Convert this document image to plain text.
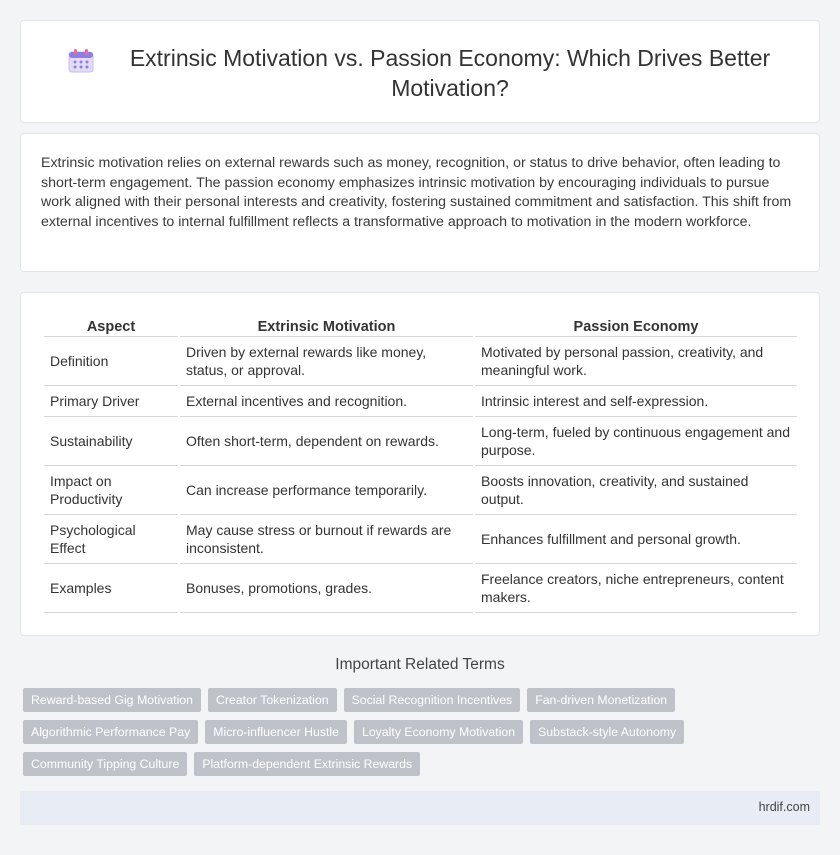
Extrinsic Motivation vs. Passion Economy: Which Drives Better Motivation?

Extrinsic motivation relies on external rewards such as money, recognition, or status to drive behavior, often leading to short-term engagement. The passion economy emphasizes intrinsic motivation by encouraging individuals to pursue work aligned with their personal interests and creativity, fostering sustained commitment and satisfaction. This shift from external incentives to internal fulfillment reflects a transformative approach to motivation in the modern workforce.

Aspect	Extrinsic Motivation	Passion Economy
Definition	Driven by external rewards like money, status, or approval.	Motivated by personal passion, creativity, and meaningful work.
Primary Driver	External incentives and recognition.	Intrinsic interest and self-expression.
Sustainability	Often short-term, dependent on rewards.	Long-term, fueled by continuous engagement and purpose.
Impact on Productivity	Can increase performance temporarily.	Boosts innovation, creativity, and sustained output.
Psychological Effect	May cause stress or burnout if rewards are inconsistent.	Enhances fulfillment and personal growth.
Examples	Bonuses, promotions, grades.	Freelance creators, niche entrepreneurs, content makers.
Important Related Terms
Reward-based Gig Motivation	Creator Tokenization	Social Recognition Incentives	Fan-driven Monetization
Algorithmic Performance Pay	Micro-influencer Hustle	Loyalty Economy Motivation	Substack-style Autonomy
Community Tipping Culture	Platform-dependent Extrinsic Rewards
hrdif.com
